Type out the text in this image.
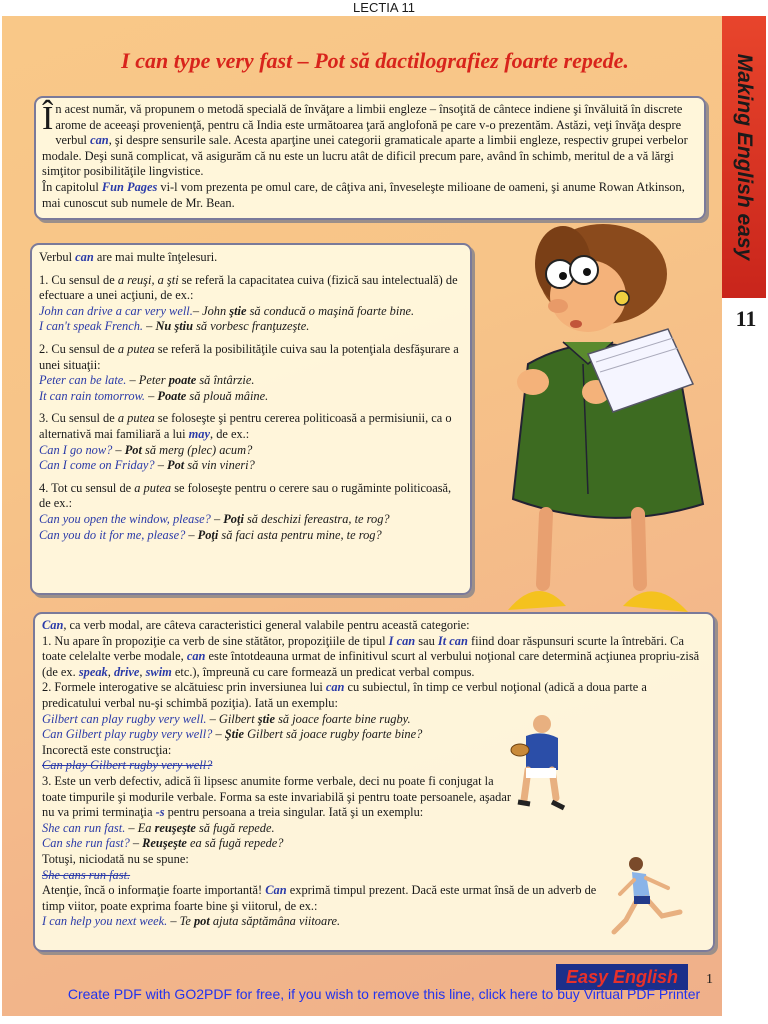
LECTIA 11
Making English easy
11
I can type very fast – Pot să dactilografiez foarte repede.

În acest număr, vă propunem o metodă specială de învăţare a limbii engleze – însoţită de cântece indiene şi învăluită în discrete arome de aceeaşi provenienţă, pentru că India este următoarea ţară anglofonă pe care v-o prezentăm. Astăzi, veţi învăţa despre verbul can, şi despre sensurile sale. Acesta aparţine unei categorii gramaticale aparte a limbii engleze, respectiv grupei verbelor modale. Deşi sună complicat, vă asigurăm că nu este un lucru atât de dificil precum pare, având în schimb, meritul de a vă lărgi simţitor posibilităţile lingvistice.

În capitolul Fun Pages vi-l vom prezenta pe omul care, de câţiva ani, înveseleşte milioane de oameni, şi anume Rowan Atkinson, mai cunoscut sub numele de Mr. Bean.

Verbul can are mai multe înţelesuri.

1. Cu sensul de a reuşi, a şti se referă la capacitatea cuiva (fizică sau intelectuală) de efectuare a unei acţiuni, de ex.:

John can drive a car very well.– John ştie să conducă o maşină foarte bine.

I can't speak French. – Nu ştiu să vorbesc franţuzeşte.

2. Cu sensul de a putea se referă la posibilităţile cuiva sau la potenţiala desfăşurare a unei situaţii:

Peter can be late. – Peter poate să întârzie.

It can rain tomorrow. – Poate să plouă mâine.

3. Cu sensul de a putea se foloseşte şi pentru cererea politicoasă a permisiunii, ca o alternativă mai familiară a lui may, de ex.:

Can I go now? – Pot să merg (plec) acum?

Can I come on Friday? – Pot să vin vineri?

4. Tot cu sensul de a putea se foloseşte pentru o cerere sau o rugăminte politicoasă, de ex.:

Can you open the window, please? – Poţi să deschizi fereastra, te rog?

Can you do it for me, please? – Poţi să faci asta pentru mine, te rog?

Can, ca verb modal, are câteva caracteristici general valabile pentru această categorie:

1. Nu apare în propoziţie ca verb de sine stătător, propoziţiile de tipul I can sau It can fiind doar răspunsuri scurte la întrebări. Ca toate celelalte verbe modale, can este întotdeauna urmat de infinitivul scurt al verbului noţional care determină acţiunea propriu-zisă (de ex. speak, drive, swim etc.), împreună cu care formează un predicat verbal compus.

2. Formele interogative se alcătuiesc prin inversiunea lui can cu subiectul, în timp ce verbul noţional (adică a doua parte a predicatului verbal nu-şi schimbă poziţia). Iată un exemplu:

Gilbert can play rugby very well. – Gilbert ştie să joace foarte bine rugby.

Can Gilbert play rugby very well? – Ştie Gilbert să joace rugby foarte bine?

Incorectă este construcţia:

Can play Gilbert rugby very well?

3. Este un verb defectiv, adică îi lipsesc anumite forme verbale, deci nu poate fi conjugat la toate timpurile şi modurile verbale. Forma sa este invariabilă şi pentru toate persoanele, aşadar nu va primi terminaţia -s pentru persoana a treia singular. Iată şi un exemplu:

She can run fast. – Ea reuşeşte să fugă repede.

Can she run fast? – Reuşeşte ea să fugă repede?

Totuşi, niciodată nu se spune:

She cans run fast.

Atenţie, încă o informaţie foarte importantă! Can exprimă timpul prezent. Dacă este urmat însă de un adverb de timp viitor, poate exprima foarte bine şi viitorul, de ex.:

I can help you next week. – Te pot ajuta săptămâna viitoare.

Easy English	1
Create PDF with GO2PDF for free, if you wish to remove this line, click here to buy Virtual PDF Printer
